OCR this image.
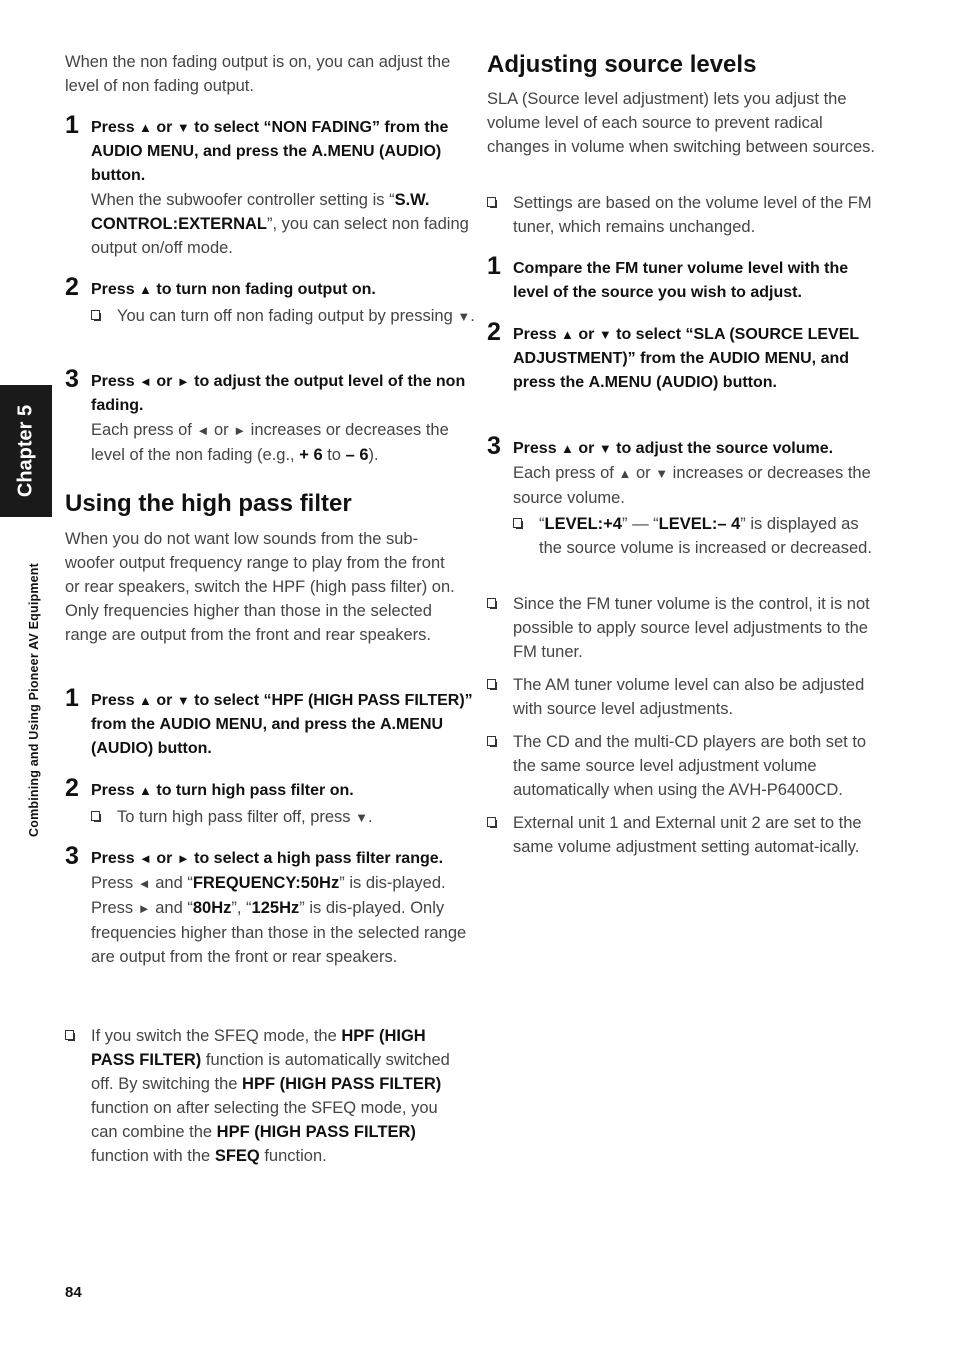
Chapter 5
Combining and Using Pioneer AV Equipment

When the non fading output is on, you can adjust the level of non fading output.

1 Press ▲ or ▼ to select “NON FADING” from the AUDIO MENU, and press the A.MENU (AUDIO) button.

When the subwoofer controller setting is “S.W. CONTROL:EXTERNAL”, you can select non fading output on/off mode.

2 Press ▲ to turn non fading output on.

You can turn off non fading output by pressing ▼.
3 Press ◄ or ► to adjust the output level of the non fading.

Each press of ◄ or ► increases or decreases the level of the non fading (e.g., + 6 to – 6).

Using the high pass filter

When you do not want low sounds from the sub-woofer output frequency range to play from the front or rear speakers, switch the HPF (high pass filter) on. Only frequencies higher than those in the selected range are output from the front and rear speakers.

1 Press ▲ or ▼ to select “HPF (HIGH PASS FILTER)” from the AUDIO MENU, and press the A.MENU (AUDIO) button.

2 Press ▲ to turn high pass filter on.

To turn high pass filter off, press ▼.
3 Press ◄ or ► to select a high pass filter range.

Press ◄ and “FREQUENCY:50Hz” is dis-played. Press ► and “80Hz”, “125Hz” is dis-played. Only frequencies higher than those in the selected range are output from the front or rear speakers.

If you switch the SFEQ mode, the HPF (HIGH PASS FILTER) function is automatically switched off. By switching the HPF (HIGH PASS FILTER) function on after selecting the SFEQ mode, you can combine the HPF (HIGH PASS FILTER) function with the SFEQ function.
Adjusting source levels

SLA (Source level adjustment) lets you adjust the volume level of each source to prevent radical changes in volume when switching between sources.

Settings are based on the volume level of the FM tuner, which remains unchanged.
1 Compare the FM tuner volume level with the level of the source you wish to adjust.

2 Press ▲ or ▼ to select “SLA (SOURCE LEVEL ADJUSTMENT)” from the AUDIO MENU, and press the A.MENU (AUDIO) button.

3 Press ▲ or ▼ to adjust the source volume.

Each press of ▲ or ▼ increases or decreases the source volume.

“LEVEL:+4” — “LEVEL:– 4” is displayed as the source volume is increased or decreased.
Since the FM tuner volume is the control, it is not possible to apply source level adjustments to the FM tuner.
The AM tuner volume level can also be adjusted with source level adjustments.
The CD and the multi-CD players are both set to the same source level adjustment volume automatically when using the AVH-P6400CD.
External unit 1 and External unit 2 are set to the same volume adjustment setting automat-ically.
84
